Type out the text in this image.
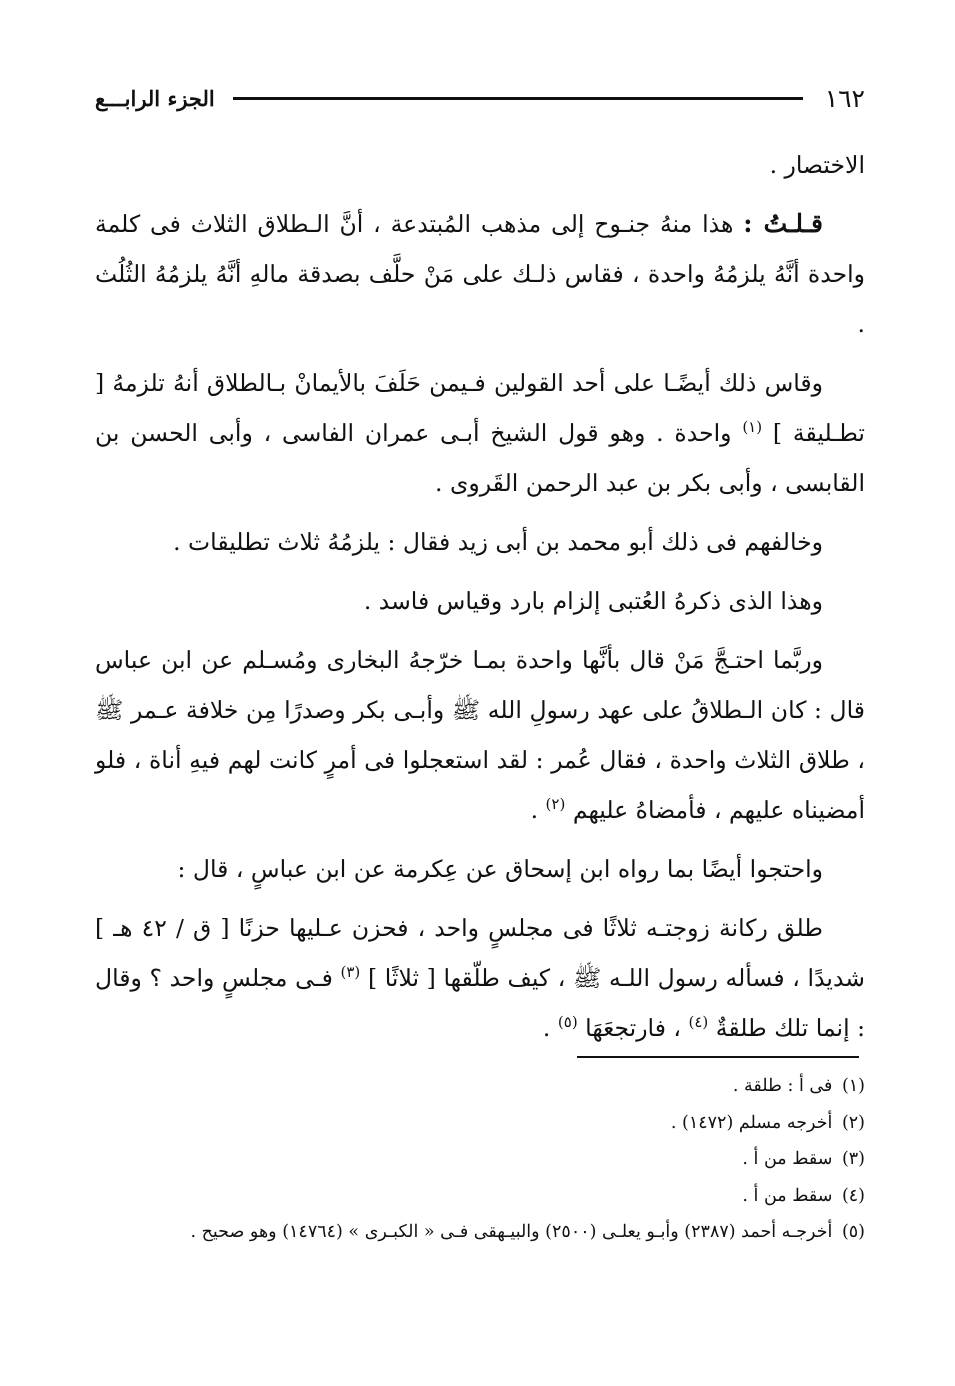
١٦٢
الجزء الرابـــع

الاختصار .

قـلـتُ : هذا منهُ جنـوح إلى مذهب المُبتدعة ، أنَّ الـطلاق الثلاث فى كلمة واحدة أنَّهُ يلزمُهُ واحدة ، فقاس ذلـك على مَنْ حلَّف بصدقة مالهِ أنَّهُ يلزمُهُ الثُلُث .

وقاس ذلك أيضًـا على أحد القولين فـيمن حَلَفَ بالأيمانْ بـالطلاق أنهُ تلزمهُ [ تطـليقة ] $^{(١)}$ واحدة . وهو قول الشيخ أبـى عمران الفاسى ، وأبى الحسن بن القابسى ، وأبى بكر بن عبد الرحمن القَروى .

وخالفهم فى ذلك أبو محمد بن أبى زيد فقال : يلزمُهُ ثلاث تطليقات .

وهذا الذى ذكرهُ العُتبى إلزام بارد وقياس فاسد .

وربَّما احتـجَّ مَنْ قال بأنَّها واحدة بمـا خرّجهُ البخارى ومُسـلم عن ابن عباس قال : كان الـطلاقُ على عهد رسولِ الله ﷺ وأبـى بكر وصدرًا مِن خلافة عـمر ﷺ ، طلاق الثلاث واحدة ، فقال عُمر : لقد استعجلوا فى أمرٍ كانت لهم فيهِ أناة ، فلو أمضيناه عليهم ، فأمضاهُ عليهم $^{(٢)}$ .

واحتجوا أيضًا بما رواه ابن إسحاق عن عِكرمة عن ابن عباسٍ ، قال :

طلق ركانة زوجتـه ثلاثًا فى مجلسٍ واحد ، فحزن عـليها حزنًا [ ق / ٤٢ هـ ] شديدًا ، فسأله رسول اللـه ﷺ ، كيف طلّقها [ ثلاثًا ] $^{(٣)}$ فـى مجلسٍ واحد ؟ وقال : إنما تلك طلقةٌ $^{(٤)}$ ، فارتجعَهَا $^{(٥)}$ .

(١) فى أ : طلقة .

(٢) أخرجه مسلم (١٤٧٢) .

(٣) سقط من أ .

(٤) سقط من أ .

(٥) أخرجـه أحمد (٢٣٨٧) وأبـو يعلـى (٢٥٠٠) والبيـهقى فـى « الكبـرى » (١٤٧٦٤) وهو صحيح .
